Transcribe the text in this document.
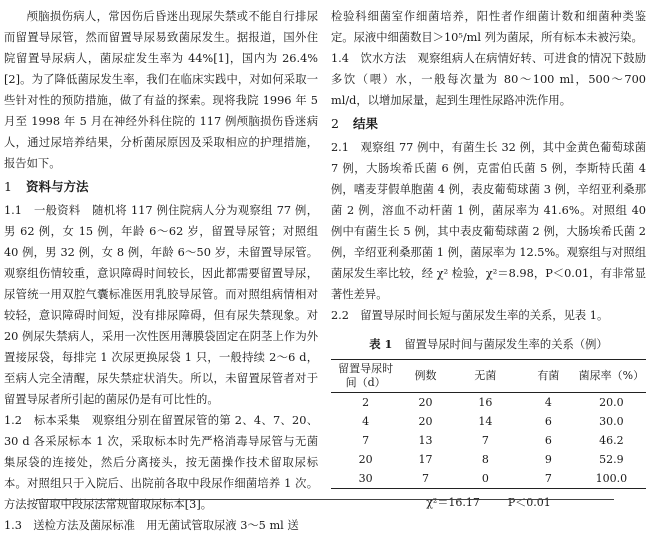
颅脑损伤病人，常因伤后昏迷出现尿失禁或不能自行排尿而留置导尿管，然而留置导尿易致菌尿发生。据报道，国外住院留置导尿病人，菌尿症发生率为 44%[1]，国内为 26.4%[2]。为了降低菌尿发生率，我们在临床实践中，对如何采取一些针对性的预防措施，做了有益的探索。现将我院 1996 年 5 月至 1998 年 5 月在神经外科住院的 117 例颅脑损伤昏迷病人，通过尿培养结果，分析菌尿原因及采取相应的护理措施，报告如下。

1 资料与方法

1.1　一般资料　随机将 117 例住院病人分为观察组 77 例，男 62 例，女 15 例，年龄 6～62 岁，留置导尿管；对照组 40 例，男 32 例，女 8 例，年龄 6～50 岁，未留置导尿管。观察组伤情较重，意识障碍时间较长，因此都需要留置导尿，尿管统一用双腔气囊标准医用乳胶导尿管。而对照组病情相对较轻，意识障碍时间短，没有排尿障碍，但有尿失禁现象。对 20 例尿失禁病人，采用一次性医用薄膜袋固定在阴茎上作为外置接尿袋，每排完 1 次尿更换尿袋 1 只，一般持续 2～6 d，至病人完全清醒，尿失禁症状消失。所以，未留置尿管者对于留置导尿者所引起的菌尿仍是有可比性的。

1.2　标本采集　观察组分别在留置尿管的第 2、4、7、20、30 d 各采尿标本 1 次，采取标本时先严格消毒导尿管与无菌集尿袋的连接处，然后分离接头，按无菌操作技术留取尿标本。对照组只于入院后、出院前各取中段尿作细菌培养 1 次。方法按留取中段尿法常规留取尿标本[3]。

1.3　送检方法及菌尿标准　用无菌试管取尿液 3～5 ml 送

检验科细菌室作细菌培养，阳性者作细菌计数和细菌种类鉴定。尿液中细菌数目＞10⁵/ml 列为菌尿，所有标本未被污染。

1.4　饮水方法　观察组病人在病情好转、可进食的情况下鼓励多饮（喂）水，一般每次量为 80～100 ml，500～700 ml/d，以增加尿量，起到生理性尿路冲洗作用。

2 结果

2.1　观察组 77 例中，有菌生长 32 例，其中金黄色葡萄球菌 7 例，大肠埃希氏菌 6 例，克雷伯氏菌 5 例，李斯特氏菌 4 例，嗜麦芽假单胞菌 4 例，表皮葡萄球菌 3 例，辛绍亚利桑那菌 2 例，溶血不动杆菌 1 例，菌尿率为 41.6%。对照组 40 例中有菌生长 5 例，其中表皮葡萄球菌 2 例，大肠埃希氏菌 2 例，辛绍亚利桑那菌 1 例，菌尿率为 12.5%。观察组与对照组菌尿发生率比较，经 χ² 检验，χ²＝8.98，P＜0.01，有非常显著性差异。

2.2　留置导尿时间长短与菌尿发生率的关系，见表 1。

表 1 留置导尿时间与菌尿发生率的关系（例）
留置导尿时间（d）	例数	无菌	有菌	菌尿率（%）
2	20	16	4	20.0
4	20	14	6	30.0
7	13	7	6	46.2
20	17	8	9	52.9
30	7	0	7	100.0
χ²＝16.17	P＜0.01
